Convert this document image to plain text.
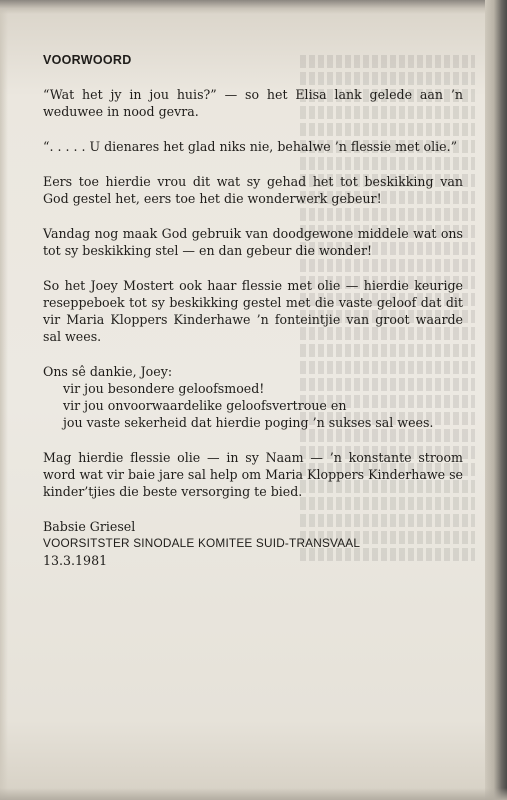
VOORWOORD

“Wat het jy in jou huis?” — so het Elisa lank gelede aan ’n weduwee in nood gevra.

“. . . . . U dienares het glad niks nie, behalwe ’n flessie met olie.”

Eers toe hierdie vrou dit wat sy gehad het tot beskikking van God gestel het, eers toe het die wonderwerk gebeur!

Vandag nog maak God gebruik van doodgewone middele wat ons tot sy beskikking stel — en dan gebeur die wonder!

So het Joey Mostert ook haar flessie met olie — hierdie keurige reseppeboek tot sy beskikking gestel met die vaste geloof dat dit vir Maria Kloppers Kinderhawe ’n fonteintjie van groot waarde sal wees.

Ons sê dankie, Joey:
vir jou besondere geloofsmoed!
vir jou onvoorwaardelike geloofsvertroue en
jou vaste sekerheid dat hierdie poging ’n sukses sal wees.

Mag hierdie flessie olie — in sy Naam — ’n konstante stroom word wat vir baie jare sal help om Maria Kloppers Kinderhawe se kinder’tjies die beste versorging te bied.

Babsie Griesel
VOORSITSTER SINODALE KOMITEE SUID-TRANSVAAL
13.3.1981
